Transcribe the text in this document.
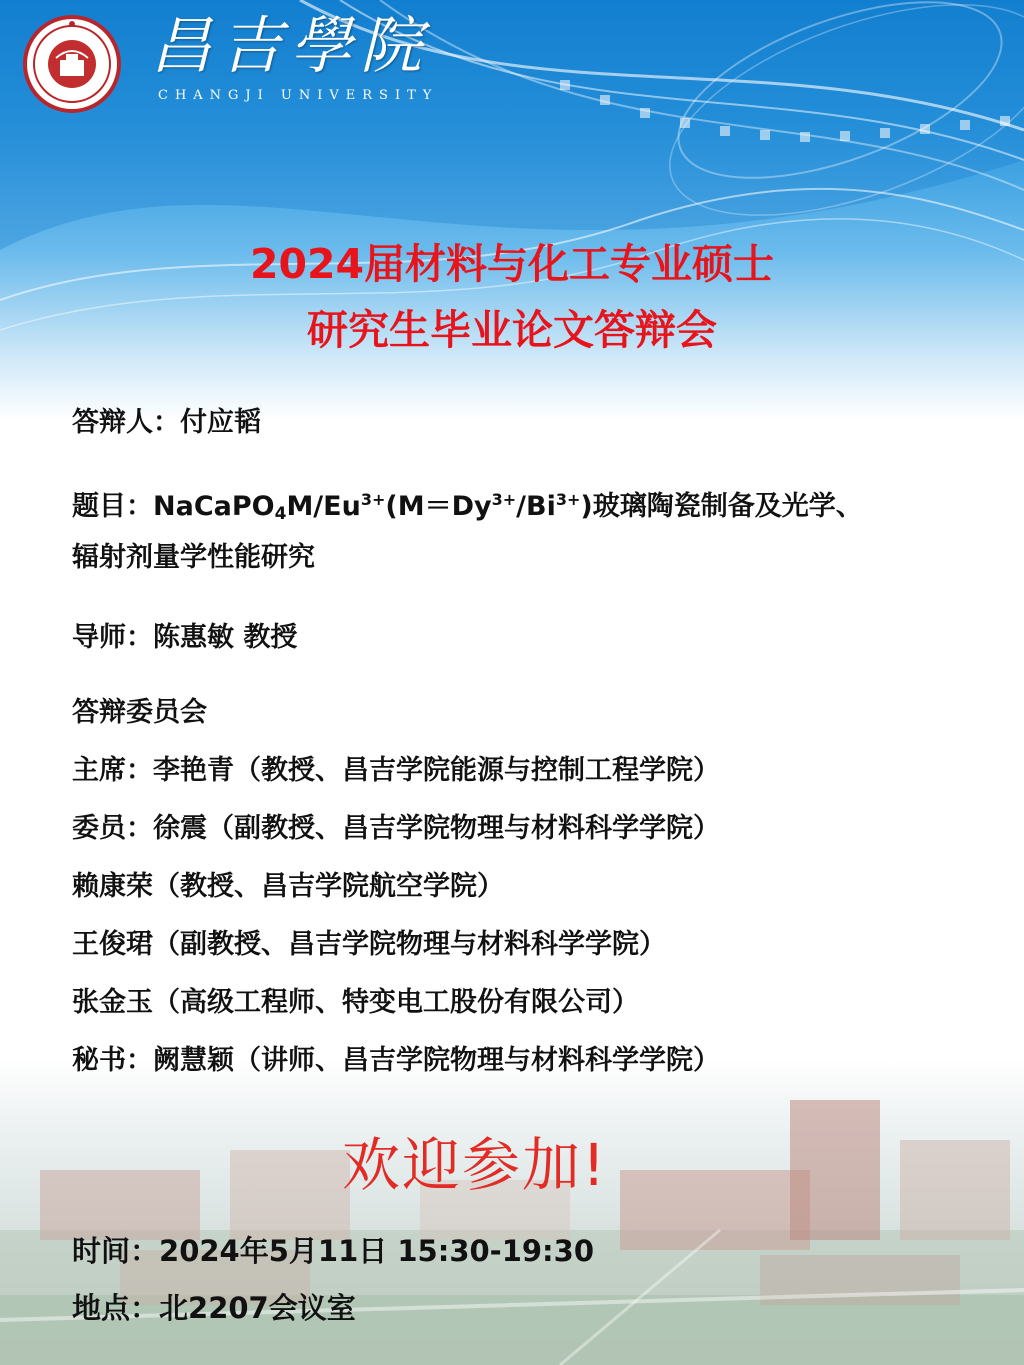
昌吉學院
CHANGJI UNIVERSITY
2024届材料与化工专业硕士
研究生毕业论文答辩会
答辩人：付应韬
题目：$NaCaPO_4M/Eu^{3+}(M=Dy^{3+}/Bi^{3+})$玻璃陶瓷制备及光学、
辐射剂量学性能研究
导师：陈惠敏 教授
答辩委员会
主席：李艳青（教授、昌吉学院能源与控制工程学院）
委员：徐震（副教授、昌吉学院物理与材料科学学院）
赖康荣（教授、昌吉学院航空学院）
王俊珺（副教授、昌吉学院物理与材料科学学院）
张金玉（高级工程师、特变电工股份有限公司）
秘书：阙慧颖（讲师、昌吉学院物理与材料科学学院）
欢迎参加!
时间：2024年5月11日 15:30-19:30
地点：北2207会议室
